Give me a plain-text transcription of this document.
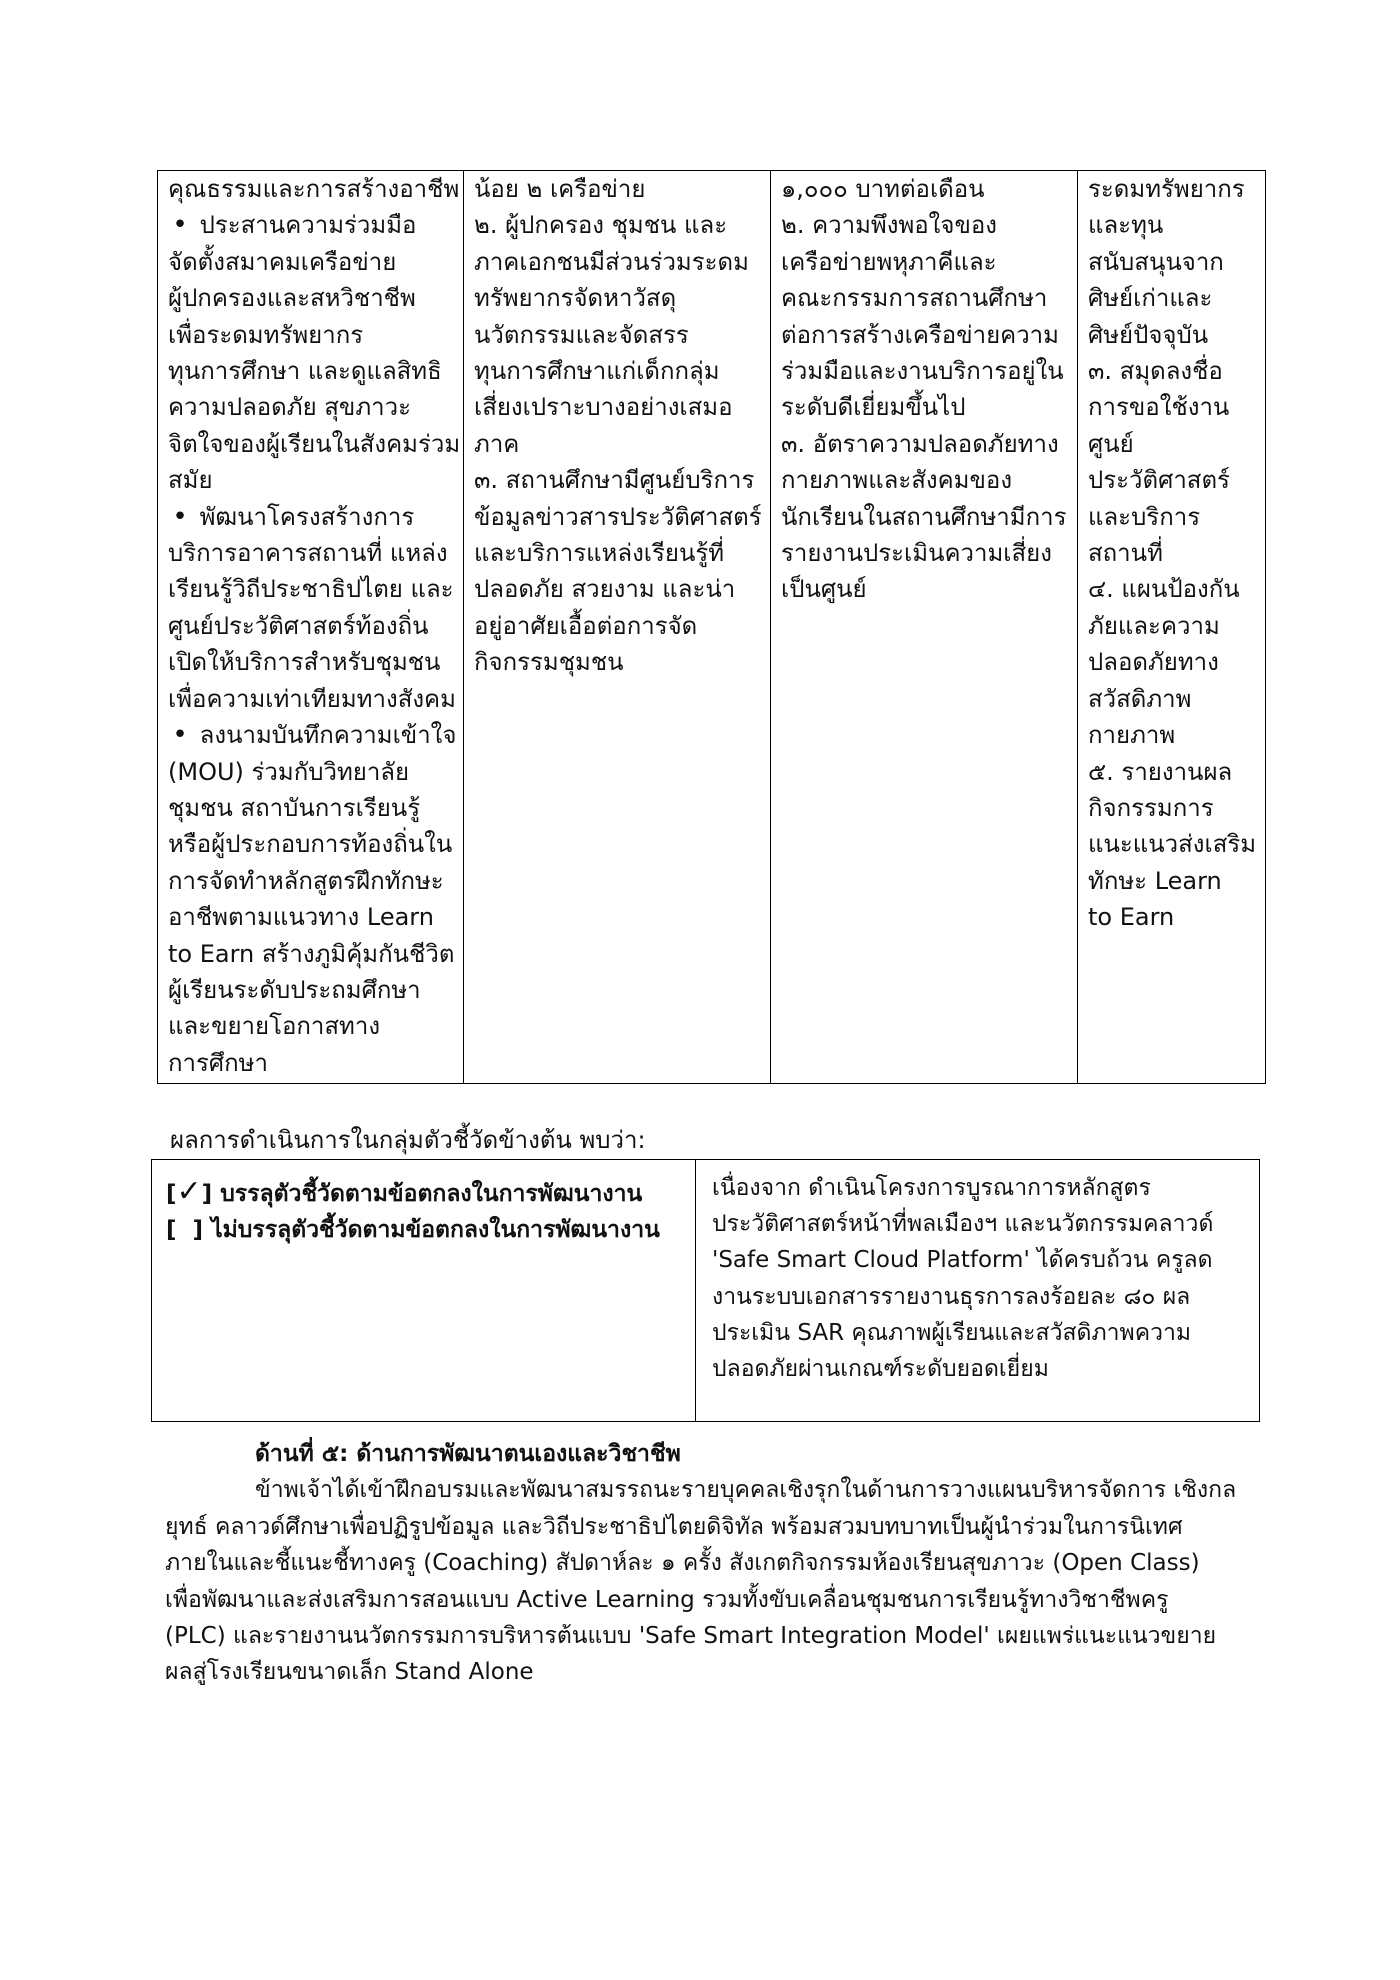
คุณธรรมและการสร้างอาชีพ
• ประสานความร่วมมือ
จัดตั้งสมาคมเครือข่าย
ผู้ปกครองและสหวิชาชีพ
เพื่อระดมทรัพยากร
ทุนการศึกษา และดูแลสิทธิ
ความปลอดภัย สุขภาวะ
จิตใจของผู้เรียนในสังคมร่วม
สมัย
• พัฒนาโครงสร้างการ
บริการอาคารสถานที่ แหล่ง
เรียนรู้วิถีประชาธิปไตย และ
ศูนย์ประวัติศาสตร์ท้องถิ่น
เปิดให้บริการสำหรับชุมชน
เพื่อความเท่าเทียมทางสังคม
• ลงนามบันทึกความเข้าใจ
(MOU) ร่วมกับวิทยาลัย
ชุมชน สถาบันการเรียนรู้
หรือผู้ประกอบการท้องถิ่นใน
การจัดทำหลักสูตรฝึกทักษะ
อาชีพตามแนวทาง Learn
to Earn สร้างภูมิคุ้มกันชีวิต
ผู้เรียนระดับประถมศึกษา
และขยายโอกาสทาง
การศึกษา

น้อย ๒ เครือข่าย
๒. ผู้ปกครอง ชุมชน และ
ภาคเอกชนมีส่วนร่วมระดม
ทรัพยากรจัดหาวัสดุ
นวัตกรรมและจัดสรร
ทุนการศึกษาแก่เด็กกลุ่ม
เสี่ยงเปราะบางอย่างเสมอ
ภาค
๓. สถานศึกษามีศูนย์บริการ
ข้อมูลข่าวสารประวัติศาสตร์
และบริการแหล่งเรียนรู้ที่
ปลอดภัย สวยงาม และน่า
อยู่อาศัยเอื้อต่อการจัด
กิจกรรมชุมชน

๑,๐๐๐ บาทต่อเดือน
๒. ความพึงพอใจของ
เครือข่ายพหุภาคีและ
คณะกรรมการสถานศึกษา
ต่อการสร้างเครือข่ายความ
ร่วมมือและงานบริการอยู่ใน
ระดับดีเยี่ยมขึ้นไป
๓. อัตราความปลอดภัยทาง
กายภาพและสังคมของ
นักเรียนในสถานศึกษามีการ
รายงานประเมินความเสี่ยง
เป็นศูนย์

ระดมทรัพยากร
และทุน
สนับสนุนจาก
ศิษย์เก่าและ
ศิษย์ปัจจุบัน
๓. สมุดลงชื่อ
การขอใช้งาน
ศูนย์
ประวัติศาสตร์
และบริการ
สถานที่
๔. แผนป้องกัน
ภัยและความ
ปลอดภัยทาง
สวัสดิภาพ
กายภาพ
๕. รายงานผล
กิจกรรมการ
แนะแนวส่งเสริม
ทักษะ Learn
to Earn
ผลการดำเนินการในกลุ่มตัวชี้วัดข้างต้น พบว่า:
[✓] บรรลุตัวชี้วัดตามข้อตกลงในการพัฒนางาน
[  ] ไม่บรรลุตัวชี้วัดตามข้อตกลงในการพัฒนางาน

เนื่องจาก ดำเนินโครงการบูรณาการหลักสูตร
ประวัติศาสตร์หน้าที่พลเมืองฯ และนวัตกรรมคลาวด์
'Safe Smart Cloud Platform' ได้ครบถ้วน ครูลด
งานระบบเอกสารรายงานธุรการลงร้อยละ ๘๐ ผล
ประเมิน SAR คุณภาพผู้เรียนและสวัสดิภาพความ
ปลอดภัยผ่านเกณฑ์ระดับยอดเยี่ยม
ด้านที่ ๕: ด้านการพัฒนาตนเองและวิชาชีพ
ข้าพเจ้าได้เข้าฝึกอบรมและพัฒนาสมรรถนะรายบุคคลเชิงรุกในด้านการวางแผนบริหารจัดการ เชิงกล
ยุทธ์ คลาวด์ศึกษาเพื่อปฏิรูปข้อมูล และวิถีประชาธิปไตยดิจิทัล พร้อมสวมบทบาทเป็นผู้นำร่วมในการนิเทศ
ภายในและชี้แนะชี้ทางครู (Coaching) สัปดาห์ละ ๑ ครั้ง สังเกตกิจกรรมห้องเรียนสุขภาวะ (Open Class)
เพื่อพัฒนาและส่งเสริมการสอนแบบ Active Learning รวมทั้งขับเคลื่อนชุมชนการเรียนรู้ทางวิชาชีพครู
(PLC) และรายงานนวัตกรรมการบริหารต้นแบบ 'Safe Smart Integration Model' เผยแพร่แนะแนวขยาย
ผลสู่โรงเรียนขนาดเล็ก Stand Alone
